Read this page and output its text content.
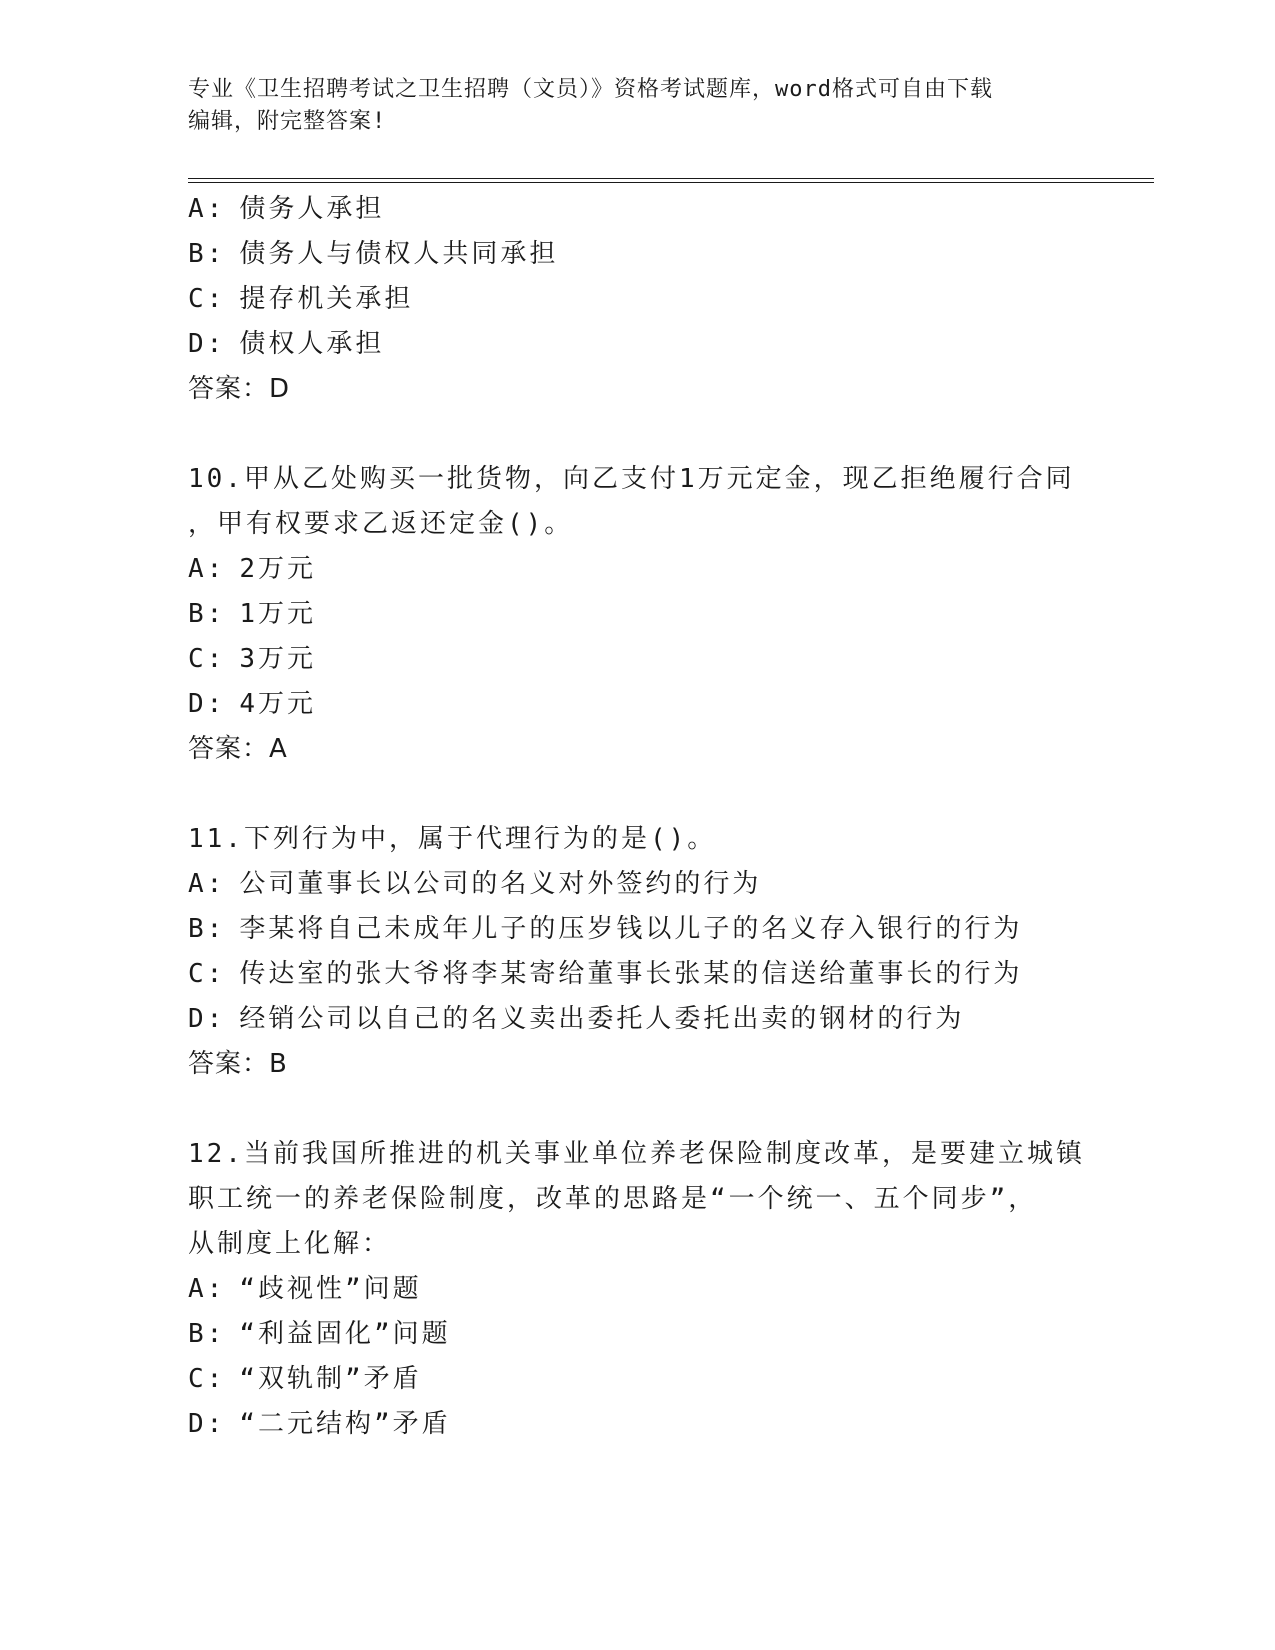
专业《卫生招聘考试之卫生招聘（文员）》资格考试题库，word格式可自由下载
编辑，附完整答案!
A: 债务人承担
B: 债务人与债权人共同承担
C: 提存机关承担
D: 债权人承担
答案：D
10.甲从乙处购买一批货物，向乙支付1万元定金，现乙拒绝履行合同
，甲有权要求乙返还定金()。
A: 2万元
B: 1万元
C: 3万元
D: 4万元
答案：A
11.下列行为中，属于代理行为的是()。
A: 公司董事长以公司的名义对外签约的行为
B: 李某将自己未成年儿子的压岁钱以儿子的名义存入银行的行为
C: 传达室的张大爷将李某寄给董事长张某的信送给董事长的行为
D: 经销公司以自己的名义卖出委托人委托出卖的钢材的行为
答案：B
12.当前我国所推进的机关事业单位养老保险制度改革，是要建立城镇
职工统一的养老保险制度，改革的思路是“一个统一、五个同步”，
从制度上化解：
A: “歧视性”问题
B: “利益固化”问题
C: “双轨制”矛盾
D: “二元结构”矛盾
